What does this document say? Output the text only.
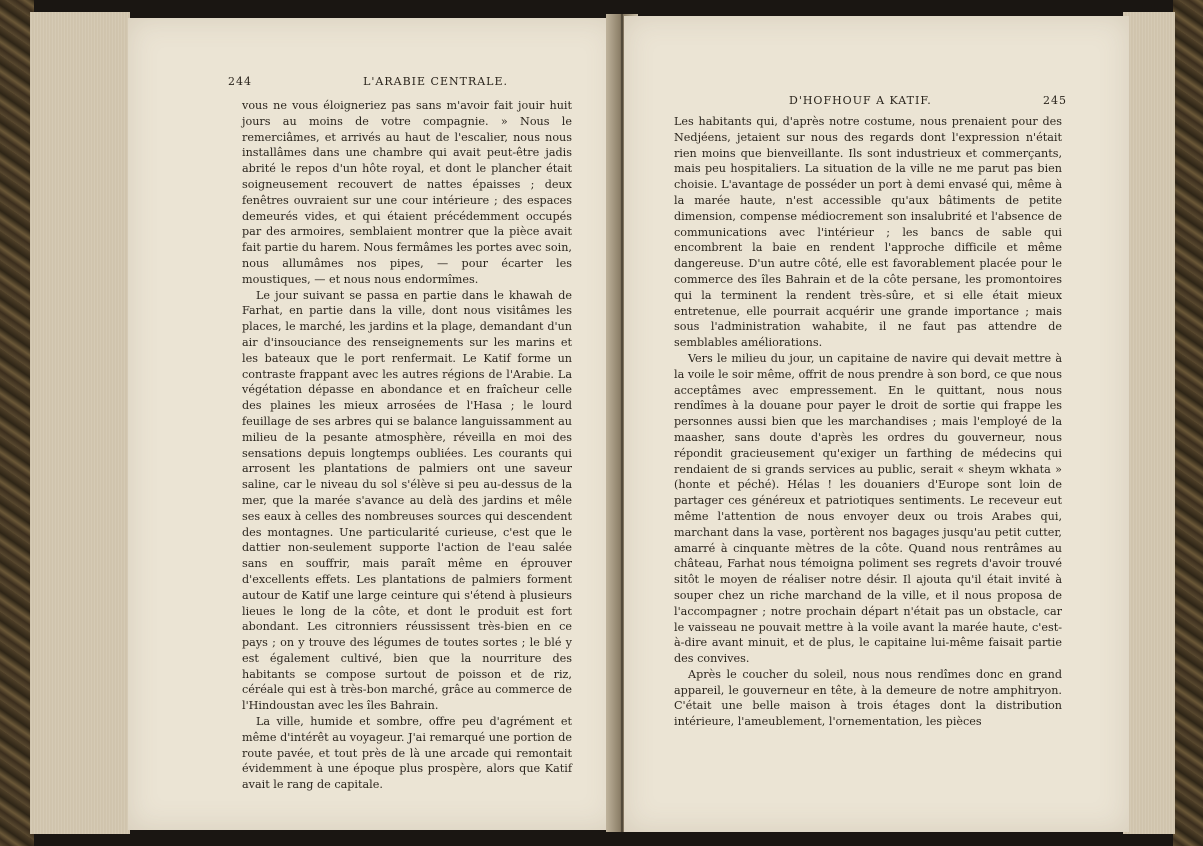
244	L'ARABIE CENTRALE.

vous ne vous éloigneriez pas sans m'avoir fait jouir huit jours au moins de votre compagnie. » Nous le remerciâmes, et arrivés au haut de l'escalier, nous nous installâmes dans une chambre qui avait peut-être jadis abrité le repos d'un hôte royal, et dont le plancher était soigneusement recouvert de nattes épaisses ; deux fenêtres ouvraient sur une cour intérieure ; des espaces demeurés vides, et qui étaient précédemment occupés par des armoires, semblaient montrer que la pièce avait fait partie du harem. Nous fermâmes les portes avec soin, nous allumâmes nos pipes, — pour écarter les moustiques, — et nous nous endormîmes.

Le jour suivant se passa en partie dans le khawah de Farhat, en partie dans la ville, dont nous visitâmes les places, le marché, les jardins et la plage, demandant d'un air d'insouciance des renseignements sur les marins et les bateaux que le port renfermait. Le Katif forme un contraste frappant avec les autres régions de l'Arabie. La végétation dépasse en abondance et en fraîcheur celle des plaines les mieux arrosées de l'Hasa ; le lourd feuillage de ses arbres qui se balance languissamment au milieu de la pesante atmosphère, réveilla en moi des sensations depuis longtemps oubliées. Les courants qui arrosent les plantations de palmiers ont une saveur saline, car le niveau du sol s'élève si peu au-dessus de la mer, que la marée s'avance au delà des jardins et mêle ses eaux à celles des nombreuses sources qui descendent des montagnes. Une particularité curieuse, c'est que le dattier non-seulement supporte l'action de l'eau salée sans en souffrir, mais paraît même en éprouver d'excellents effets. Les plantations de palmiers forment autour de Katif une large ceinture qui s'étend à plusieurs lieues le long de la côte, et dont le produit est fort abondant. Les citronniers réussissent très-bien en ce pays ; on y trouve des légumes de toutes sortes ; le blé y est également cultivé, bien que la nourriture des habitants se compose surtout de poisson et de riz, céréale qui est à très-bon marché, grâce au commerce de l'Hindoustan avec les îles Bahrain.

La ville, humide et sombre, offre peu d'agrément et même d'intérêt au voyageur. J'ai remarqué une portion de route pavée, et tout près de là une arcade qui remontait évidemment à une époque plus prospère, alors que Katif avait le rang de capitale.

D'HOFHOUF A KATIF.	245

Les habitants qui, d'après notre costume, nous prenaient pour des Nedjéens, jetaient sur nous des regards dont l'expression n'était rien moins que bienveillante. Ils sont industrieux et commerçants, mais peu hospitaliers. La situation de la ville ne me parut pas bien choisie. L'avantage de posséder un port à demi envasé qui, même à la marée haute, n'est accessible qu'aux bâtiments de petite dimension, compense médiocrement son insalubrité et l'absence de communications avec l'intérieur ; les bancs de sable qui encombrent la baie en rendent l'approche difficile et même dangereuse. D'un autre côté, elle est favorablement placée pour le commerce des îles Bahrain et de la côte persane, les promontoires qui la terminent la rendent très-sûre, et si elle était mieux entretenue, elle pourrait acquérir une grande importance ; mais sous l'administration wahabite, il ne faut pas attendre de semblables améliorations.

Vers le milieu du jour, un capitaine de navire qui devait mettre à la voile le soir même, offrit de nous prendre à son bord, ce que nous acceptâmes avec empressement. En le quittant, nous nous rendîmes à la douane pour payer le droit de sortie qui frappe les personnes aussi bien que les marchandises ; mais l'employé de la maasher, sans doute d'après les ordres du gouverneur, nous répondit gracieusement qu'exiger un farthing de médecins qui rendaient de si grands services au public, serait « sheym wkhata » (honte et péché). Hélas ! les douaniers d'Europe sont loin de partager ces généreux et patriotiques sentiments. Le receveur eut même l'attention de nous envoyer deux ou trois Arabes qui, marchant dans la vase, portèrent nos bagages jusqu'au petit cutter, amarré à cinquante mètres de la côte. Quand nous rentrâmes au château, Farhat nous témoigna poliment ses regrets d'avoir trouvé sitôt le moyen de réaliser notre désir. Il ajouta qu'il était invité à souper chez un riche marchand de la ville, et il nous proposa de l'accompagner ; notre prochain départ n'était pas un obstacle, car le vaisseau ne pouvait mettre à la voile avant la marée haute, c'est-à-dire avant minuit, et de plus, le capitaine lui-même faisait partie des convives.

Après le coucher du soleil, nous nous rendîmes donc en grand appareil, le gouverneur en tête, à la demeure de notre amphitryon. C'était une belle maison à trois étages dont la distribution intérieure, l'ameublement, l'ornementation, les pièces
